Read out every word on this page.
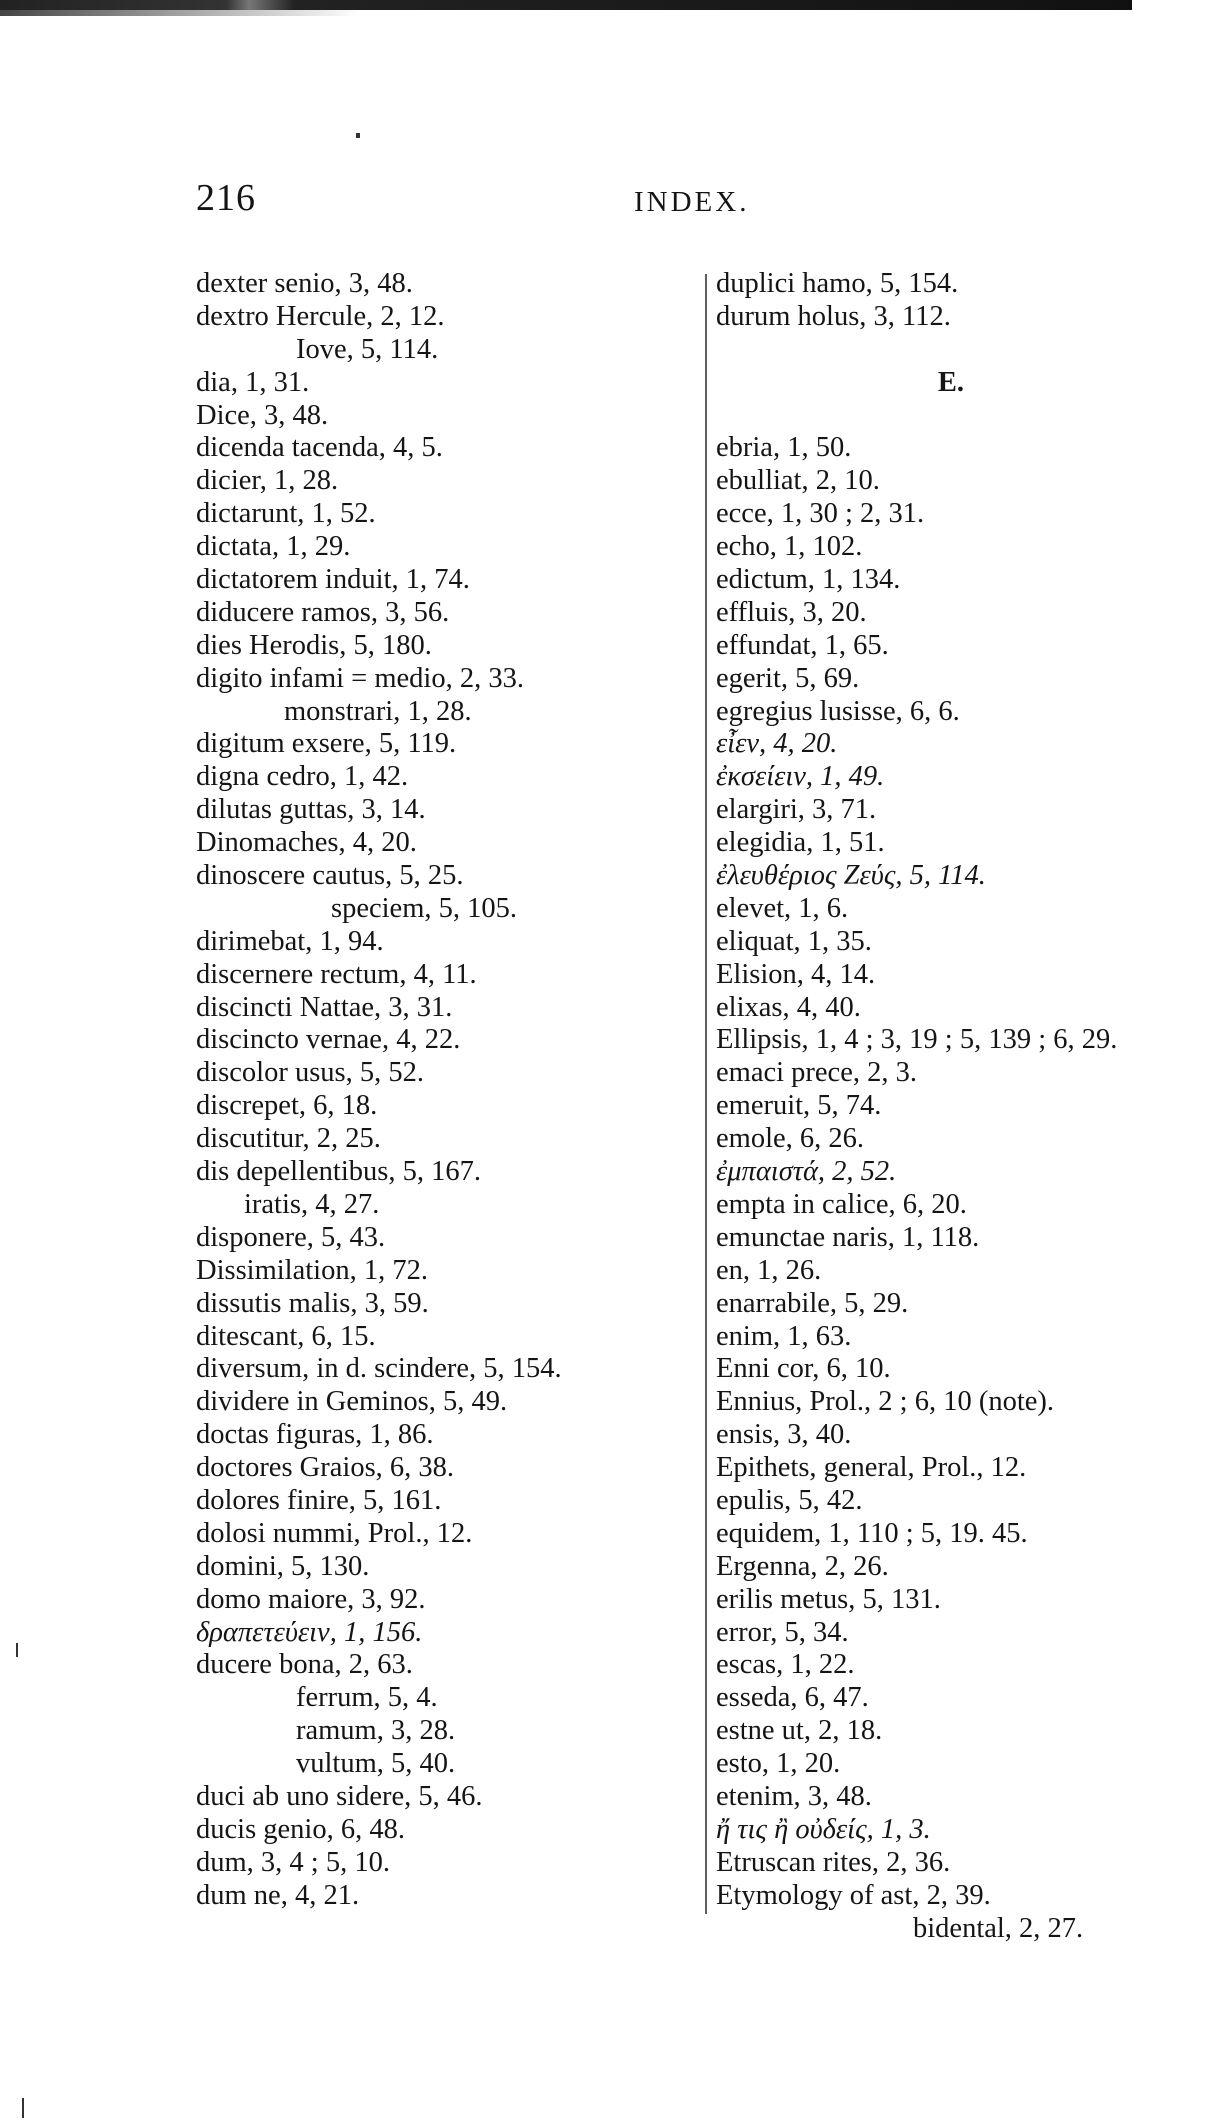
216	INDEX.
dexter senio, 3, 48.
dextro Hercule, 2, 12.
Iove, 5, 114.
dia, 1, 31.
Dice, 3, 48.
dicenda tacenda, 4, 5.
dicier, 1, 28.
dictarunt, 1, 52.
dictata, 1, 29.
dictatorem induit, 1, 74.
diducere ramos, 3, 56.
dies Herodis, 5, 180.
digito infami = medio, 2, 33.
monstrari, 1, 28.
digitum exsere, 5, 119.
digna cedro, 1, 42.
dilutas guttas, 3, 14.
Dinomaches, 4, 20.
dinoscere cautus, 5, 25.
speciem, 5, 105.
dirimebat, 1, 94.
discernere rectum, 4, 11.
discincti Nattae, 3, 31.
discincto vernae, 4, 22.
discolor usus, 5, 52.
discrepet, 6, 18.
discutitur, 2, 25.
dis depellentibus, 5, 167.
iratis, 4, 27.
disponere, 5, 43.
Dissimilation, 1, 72.
dissutis malis, 3, 59.
ditescant, 6, 15.
diversum, in d. scindere, 5, 154.
dividere in Geminos, 5, 49.
doctas figuras, 1, 86.
doctores Graios, 6, 38.
dolores finire, 5, 161.
dolosi nummi, Prol., 12.
domini, 5, 130.
domo maiore, 3, 92.
δραπετεύειν, 1, 156.
ducere bona, 2, 63.
ferrum, 5, 4.
ramum, 3, 28.
vultum, 5, 40.
duci ab uno sidere, 5, 46.
ducis genio, 6, 48.
dum, 3, 4 ; 5, 10.
dum ne, 4, 21.
duplici hamo, 5, 154.
durum holus, 3, 112.
E.
ebria, 1, 50.
ebulliat, 2, 10.
ecce, 1, 30 ; 2, 31.
echo, 1, 102.
edictum, 1, 134.
effluis, 3, 20.
effundat, 1, 65.
egerit, 5, 69.
egregius lusisse, 6, 6.
εἶεν, 4, 20.
ἐκσείειν, 1, 49.
elargiri, 3, 71.
elegidia, 1, 51.
ἐλευθέριος Ζεύς, 5, 114.
elevet, 1, 6.
eliquat, 1, 35.
Elision, 4, 14.
elixas, 4, 40.
Ellipsis, 1, 4 ; 3, 19 ; 5, 139 ; 6, 29.
emaci prece, 2, 3.
emeruit, 5, 74.
emole, 6, 26.
ἐμπαιστά, 2, 52.
empta in calice, 6, 20.
emunctae naris, 1, 118.
en, 1, 26.
enarrabile, 5, 29.
enim, 1, 63.
Enni cor, 6, 10.
Ennius, Prol., 2 ; 6, 10 (note).
ensis, 3, 40.
Epithets, general, Prol., 12.
epulis, 5, 42.
equidem, 1, 110 ; 5, 19. 45.
Ergenna, 2, 26.
erilis metus, 5, 131.
error, 5, 34.
escas, 1, 22.
esseda, 6, 47.
estne ut, 2, 18.
esto, 1, 20.
etenim, 3, 48.
ἤ τις ἢ οὐδείς, 1, 3.
Etruscan rites, 2, 36.
Etymology of ast, 2, 39.
bidental, 2, 27.
